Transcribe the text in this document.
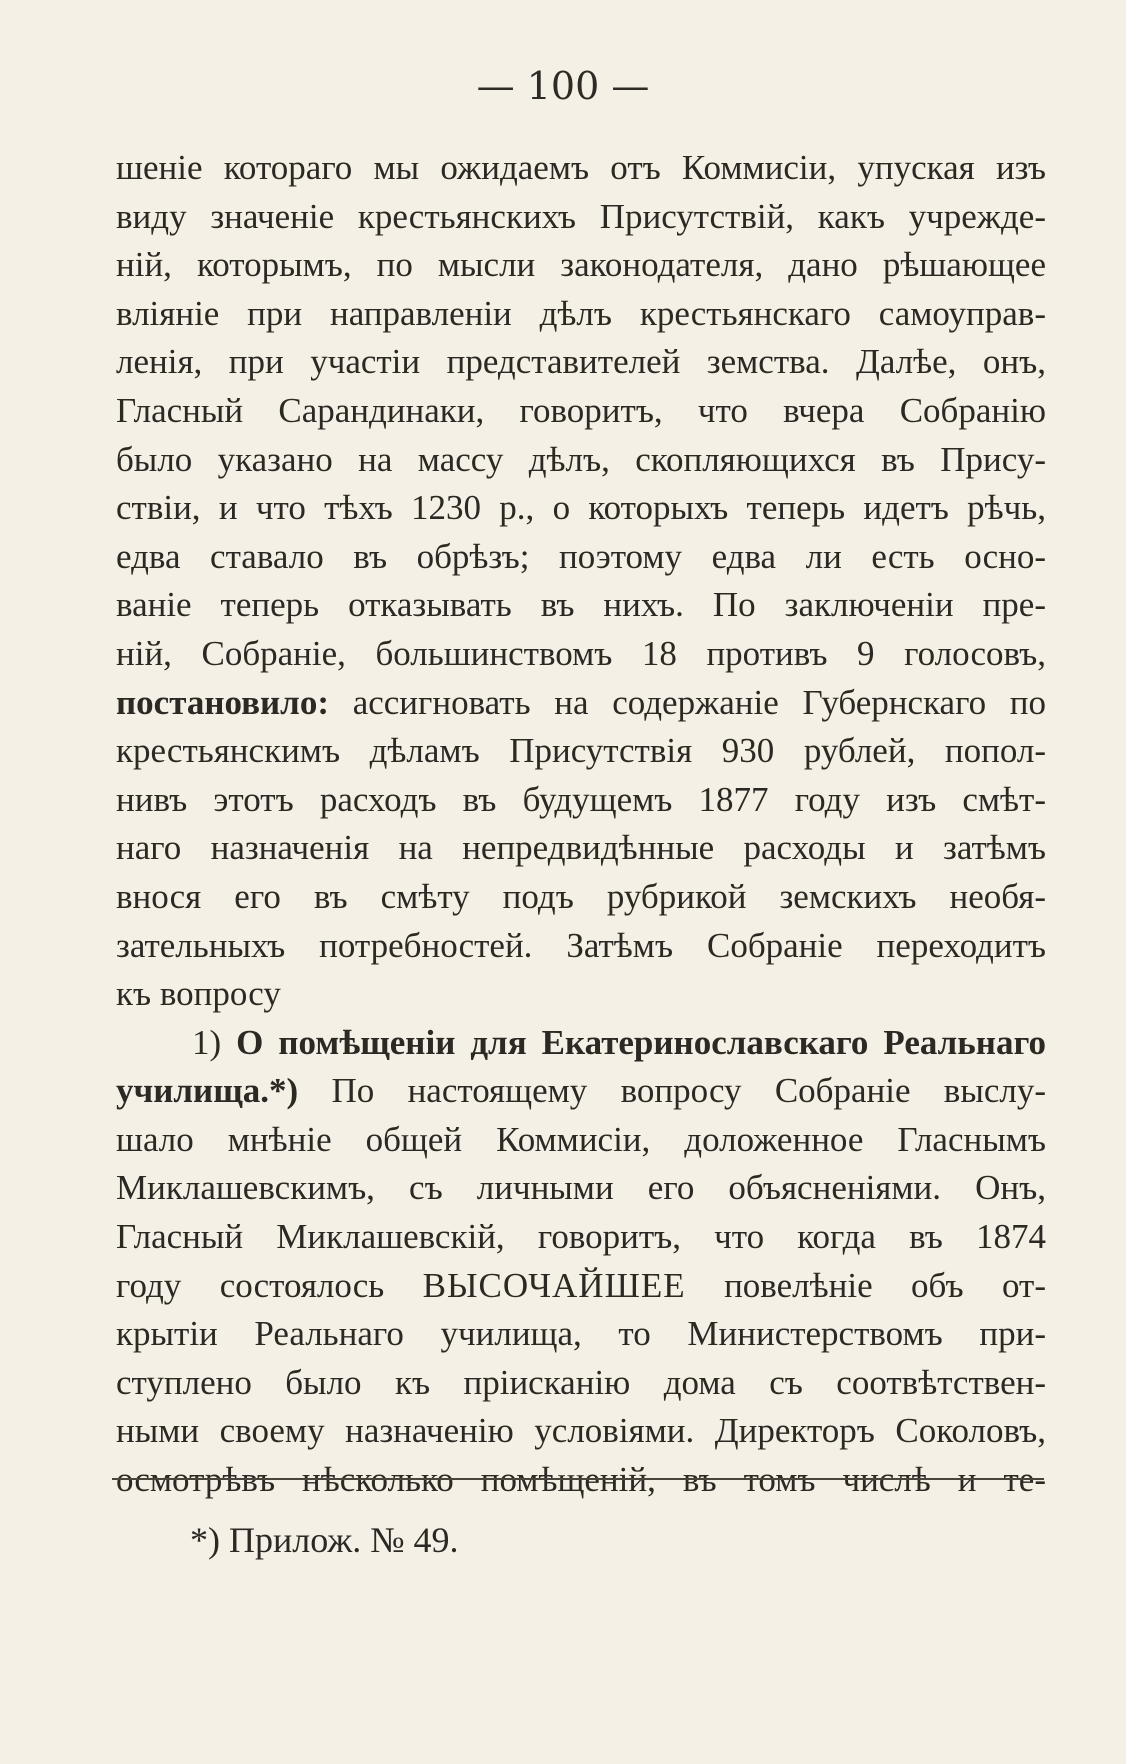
— 100 —
шеніе котораго мы ожидаемъ отъ Коммисіи, упуская изъ
виду значеніе крестьянскихъ Присутствій, какъ учрежде-
ній, которымъ, по мысли законодателя, дано рѣшающее
вліяніе при направленіи дѣлъ крестьянскаго самоуправ-
ленія, при участіи представителей земства. Далѣе, онъ,
Гласный Сарандинаки, говоритъ, что вчера Собранію
было указано на массу дѣлъ, скопляющихся въ Прису-
ствіи, и что тѣхъ 1230 р., о которыхъ теперь идетъ рѣчь,
едва ставало въ обрѣзъ; поэтому едва ли есть осно-
ваніе теперь отказывать въ нихъ. По заключеніи пре-
ній, Собраніе, большинствомъ 18 противъ 9 голосовъ,
постановило: ассигновать на содержаніе Губернскаго по
крестьянскимъ дѣламъ Присутствія 930 рублей, попол-
нивъ этотъ расходъ въ будущемъ 1877 году изъ смѣт-
наго назначенія на непредвидѣнные расходы и затѣмъ
внося его въ смѣту подъ рубрикой земскихъ необя-
зательныхъ потребностей. Затѣмъ Собраніе переходитъ
къ вопросу
1) О помѣщеніи для Екатеринославскаго Реальнаго
училища.*) По настоящему вопросу Собраніе выслу-
шало мнѣніе общей Коммисіи, доложенное Гласнымъ
Миклашевскимъ, съ личными его объясненіями. Онъ,
Гласный Миклашевскій, говоритъ, что когда въ 1874
году состоялось ВЫСОЧАЙШЕЕ повелѣніе объ от-
крытіи Реальнаго училища, то Министерствомъ при-
ступлено было къ пріисканію дома съ соотвѣтствен-
ными своему назначенію условіями. Директоръ Соколовъ,
осмотрѣвъ нѣсколько помѣщеній, въ томъ числѣ и те-
*) Прилож. № 49.
